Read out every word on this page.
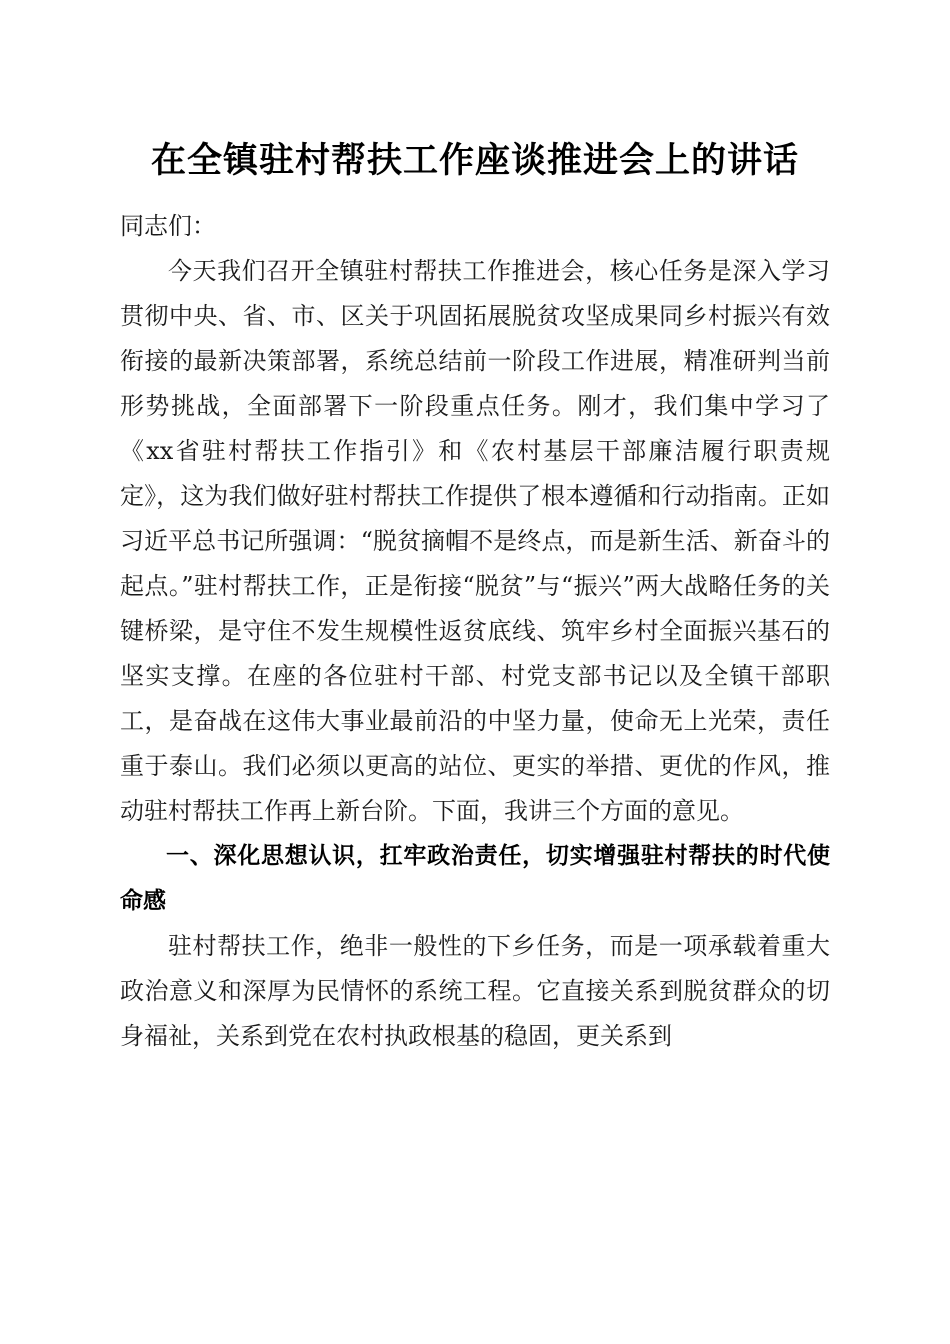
在全镇驻村帮扶工作座谈推进会上的讲话

同志们：

今天我们召开全镇驻村帮扶工作推进会，核心任务是深入学习贯彻中央、省、市、区关于巩固拓展脱贫攻坚成果同乡村振兴有效衔接的最新决策部署，系统总结前一阶段工作进展，精准研判当前形势挑战，全面部署下一阶段重点任务。刚才，我们集中学习了《xx省驻村帮扶工作指引》和《农村基层干部廉洁履行职责规定》，这为我们做好驻村帮扶工作提供了根本遵循和行动指南。正如习近平总书记所强调：“脱贫摘帽不是终点，而是新生活、新奋斗的起点。”驻村帮扶工作，正是衔接“脱贫”与“振兴”两大战略任务的关键桥梁，是守住不发生规模性返贫底线、筑牢乡村全面振兴基石的坚实支撑。在座的各位驻村干部、村党支部书记以及全镇干部职工，是奋战在这伟大事业最前沿的中坚力量，使命无上光荣，责任重于泰山。我们必须以更高的站位、更实的举措、更优的作风，推动驻村帮扶工作再上新台阶。下面，我讲三个方面的意见。

一、深化思想认识，扛牢政治责任，切实增强驻村帮扶的时代使命感

驻村帮扶工作，绝非一般性的下乡任务，而是一项承载着重大政治意义和深厚为民情怀的系统工程。它直接关系到脱贫群众的切身福祉，关系到党在农村执政根基的稳固，更关系到
